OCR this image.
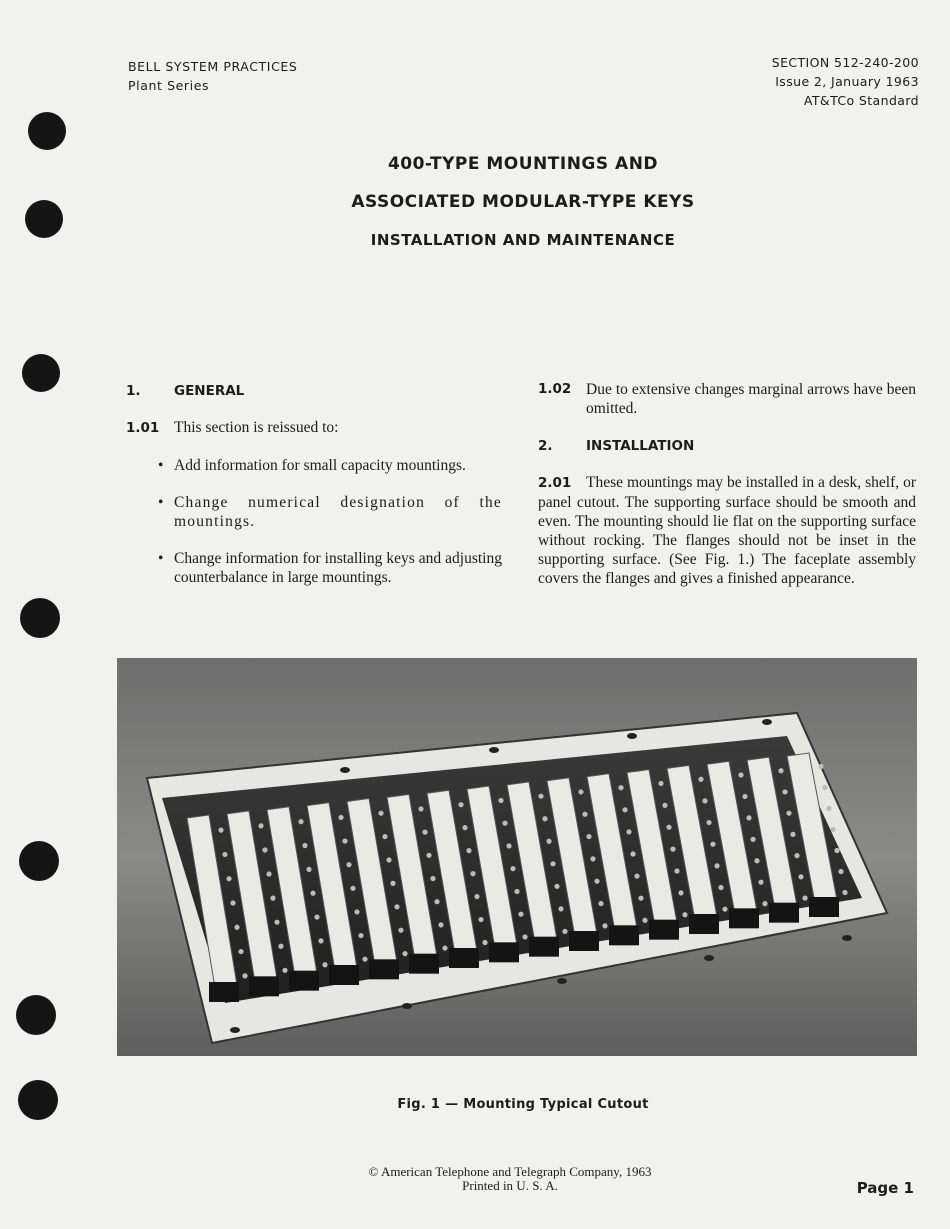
BELL SYSTEM PRACTICES
Plant Series
SECTION 512-240-200
Issue 2, January 1963
AT&TCo Standard
400-TYPE MOUNTINGS AND
ASSOCIATED MODULAR-TYPE KEYS
INSTALLATION AND MAINTENANCE
1. GENERAL
1.01 This section is reissued to:
• Add information for small capacity mountings.
• Change numerical designation of the mountings.
• Change information for installing keys and adjusting counterbalance in large mountings.
1.02 Due to extensive changes marginal arrows have been omitted.
2. INSTALLATION
2.01 These mountings may be installed in a desk, shelf, or panel cutout. The supporting surface should be smooth and even. The mounting should lie flat on the supporting surface without rocking. The flanges should not be inset in the supporting surface. (See Fig. 1.) The faceplate assembly covers the flanges and gives a finished appearance.
Fig. 1 — Mounting Typical Cutout
© American Telephone and Telegraph Company, 1963
Printed in U. S. A.	Page 1
